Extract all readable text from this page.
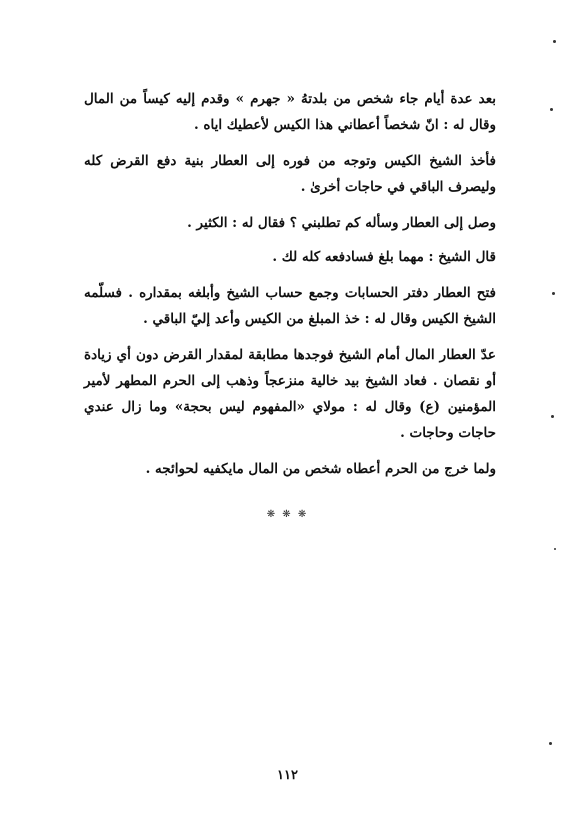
بعد عدة أيام جاء شخص من بلدتهُ « جهرم » وقدم إليه كيساً من المال وقال له : انّ شخصاً أعطاني هذا الكيس لأعطيك اياه .

فأخذ الشيخ الكيس وتوجه من فوره إلى العطار بنية دفع القرض كله وليصرف الباقي في حاجات أخرىٰ .

وصل إلى العطار وسأله كم تطلبني ؟ فقال له : الكثير .

قال الشيخ : مهما بلغ فسادفعه كله لك .

فتح العطار دفتر الحسابات وجمع حساب الشيخ وأبلغه بمقداره . فسلّمه الشيخ الكيس وقال له : خذ المبلغ من الكيس وأعد إليّ الباقي .

عدّ العطار المال أمام الشيخ فوجدها مطابقة لمقدار القرض دون أي زيادة أو نقصان . فعاد الشيخ بيد خالية منزعجاً وذهب إلى الحرم المطهر لأمير المؤمنين (ع) وقال له : مولاي «المفهوم ليس بحجة» وما زال عندي حاجات وحاجات .

ولما خرج من الحرم أعطاه شخص من المال مايكفيه لحوائجه .

❋ ❋ ❋
١١٢
